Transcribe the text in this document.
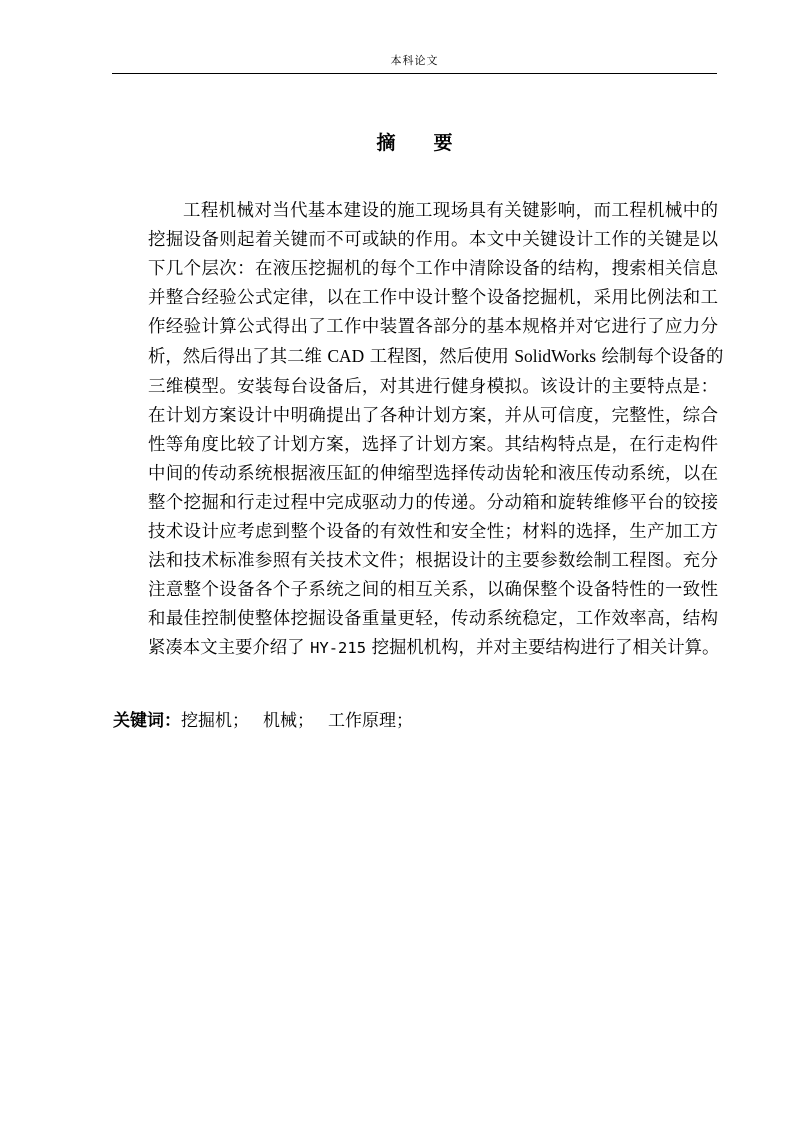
本科论文
摘 要
工程机械对当代基本建设的施工现场具有关键影响，而工程机械中的
挖掘设备则起着关键而不可或缺的作用。本文中关键设计工作的关键是以
下几个层次：在液压挖掘机的每个工作中清除设备的结构，搜索相关信息
并整合经验公式定律，以在工作中设计整个设备挖掘机，采用比例法和工
作经验计算公式得出了工作中装置各部分的基本规格并对它进行了应力分
析，然后得出了其二维 CAD 工程图，然后使用 SolidWorks 绘制每个设备的
三维模型。安装每台设备后，对其进行健身模拟。该设计的主要特点是：
在计划方案设计中明确提出了各种计划方案，并从可信度，完整性，综合
性等角度比较了计划方案，选择了计划方案。其结构特点是，在行走构件
中间的传动系统根据液压缸的伸缩型选择传动齿轮和液压传动系统，以在
整个挖掘和行走过程中完成驱动力的传递。分动箱和旋转维修平台的铰接
技术设计应考虑到整个设备的有效性和安全性；材料的选择，生产加工方
法和技术标准参照有关技术文件；根据设计的主要参数绘制工程图。充分
注意整个设备各个子系统之间的相互关系，以确保整个设备特性的一致性
和最佳控制使整体挖掘设备重量更轻，传动系统稳定，工作效率高，结构
紧凑本文主要介绍了 HY-215 挖掘机机构，并对主要结构进行了相关计算。
关键词：挖掘机； 机械； 工作原理；
